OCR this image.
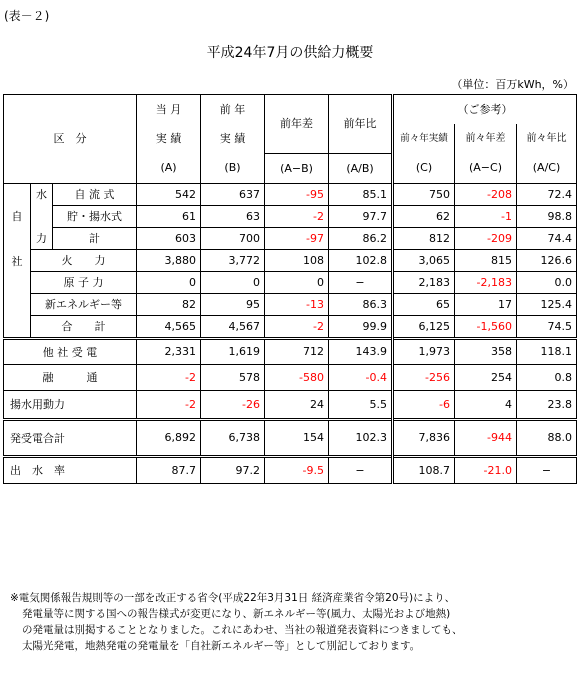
(表－２)
平成24年7月の供給力概要
（単位：百万kWh，%）
区　分			当 月	前 年	前年差	前年比	（ご参考）		
			実 績	実 績			前々年実績	前々年差	前々年比
			(A)	(B)	(A−B)	(A/B)	(C)	(A−C)	(A/C)
自	水	自 流 式	542	637	-95	85.1	750	-208	72.4
		貯・揚水式	61	63	-2	97.7	62	-1	98.8
	力	計	603	700	-97	86.2	812	-209	74.4
社	火　　力		3,880	3,772	108	102.8	3,065	815	126.6
	原 子 力		0	0	0	−	2,183	-2,183	0.0
	新エネルギー等		82	95	-13	86.3	65	17	125.4
	合　　計		4,565	4,567	-2	99.9	6,125	-1,560	74.5
他 社 受 電			2,331	1,619	712	143.9	1,973	358	118.1
融　　　通			-2	578	-580	-0.4	-256	254	0.8
揚水用動力			-2	-26	24	5.5	-6	4	23.8
発受電合計			6,892	6,738	154	102.3	7,836	-944	88.0
出　水　率			87.7	97.2	-9.5	−	108.7	-21.0	−
※電気関係報告規則等の一部を改正する省令(平成22年3月31日 経済産業省令第20号)により、
発電量等に関する国への報告様式が変更になり、新エネルギー等(風力、太陽光および地熱)
の発電量は別掲することとなりました。これにあわせ、当社の報道発表資料につきましても、
太陽光発電，地熱発電の発電量を「自社新エネルギー等」として別記しております。
